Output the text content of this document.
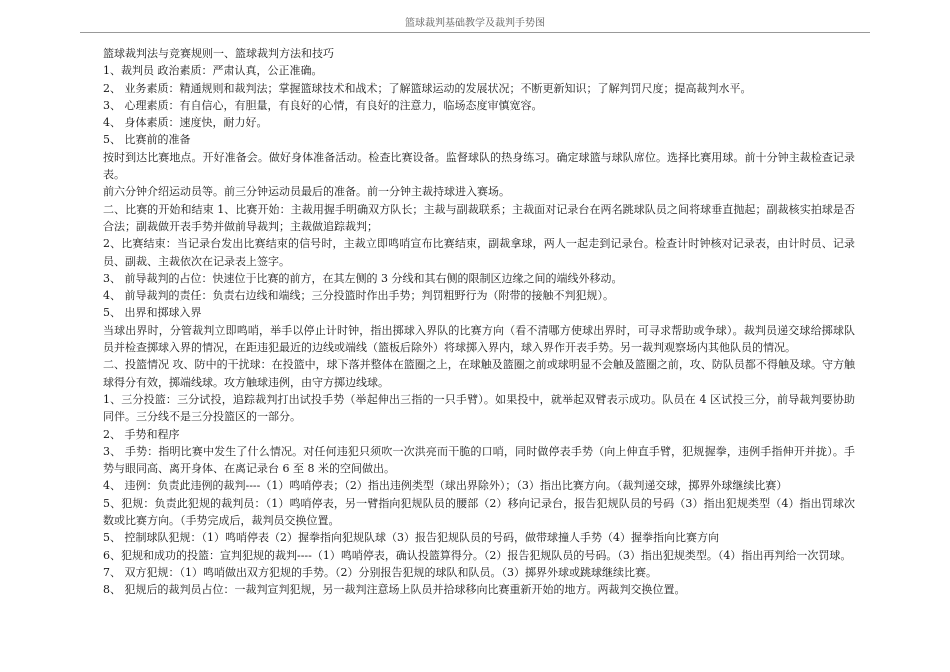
篮球裁判基础教学及裁判手势图

篮球裁判法与竞赛规则一、篮球裁判方法和技巧

1、裁判员 政治素质：严肃认真，公正准确。

2、 业务素质：精通规则和裁判法；掌握篮球技术和战术；了解篮球运动的发展状况；不断更新知识；了解判罚尺度；提高裁判水平。

3、 心理素质：有自信心，有胆量，有良好的心情，有良好的注意力，临场态度审慎宽容。

4、 身体素质：速度快，耐力好。

5、 比赛前的准备

按时到达比赛地点。开好准备会。做好身体准备活动。检查比赛设备。监督球队的热身练习。确定球篮与球队席位。选择比赛用球。前十分钟主裁检查记录表。

前六分钟介绍运动员等。前三分钟运动员最后的准备。前一分钟主裁持球进入赛场。

二、比赛的开始和结束 1、比赛开始：主裁用握手明确双方队长；主裁与副裁联系；主裁面对记录台在两名跳球队员之间将球垂直抛起；副裁核实拍球是否合法；副裁做开表手势并做前导裁判；主裁做追踪裁判；

2、比赛结束：当记录台发出比赛结束的信号时，主裁立即鸣哨宣布比赛结束，副裁拿球，两人一起走到记录台。检查计时钟核对记录表，由计时员、记录员、副裁、主裁依次在记录表上签字。

3、 前导裁判的占位：快速位于比赛的前方，在其左侧的 3 分线和其右侧的限制区边缘之间的端线外移动。

4、 前导裁判的责任：负责右边线和端线；三分投篮时作出手势；判罚粗野行为（附带的接触不判犯规）。

5、 出界和掷球入界

当球出界时，分管裁判立即鸣哨，举手以停止计时钟，指出掷球入界队的比赛方向（看不清哪方使球出界时，可寻求帮助或争球）。裁判员递交球给掷球队员并检查掷球入界的情况，在距违犯最近的边线或端线（篮板后除外）将球掷入界内，球入界作开表手势。另一裁判观察场内其他队员的情况。

二、投篮情况 攻、防中的干扰球：在投篮中，球下落并整体在篮圈之上，在球触及篮圈之前或球明显不会触及篮圈之前，攻、防队员都不得触及球。守方触球得分有效，掷端线球。攻方触球违例，由守方掷边线球。

1、三分投篮：三分试投，追踪裁判打出试投手势（举起伸出三指的一只手臂）。如果投中，就举起双臂表示成功。队员在 4 区试投三分，前导裁判要协助同伴。三分线不是三分投篮区的一部分。

2、 手势和程序

3、 手势：指明比赛中发生了什么情况。对任何违犯只须吹一次洪亮而干脆的口哨，同时做停表手势（向上伸直手臂，犯规握拳，违例手指伸开并拢）。手势与眼同高、离开身体、在离记录台 6 至 8 米的空间做出。

4、 违例：负责此违例的裁判----（1）鸣哨停表；（2）指出违例类型（球出界除外）；（3）指出比赛方向。（裁判递交球，掷界外球继续比赛）

5、犯规：负责此犯规的裁判员：（1）鸣哨停表，另一臂指向犯规队员的腰部（2）移向记录台，报告犯规队员的号码（3）指出犯规类型（4）指出罚球次数或比赛方向。（手势完成后，裁判员交换位置。

5、 控制球队犯规：（1）鸣哨停表（2）握拳指向犯规队球（3）报告犯规队员的号码，做带球撞人手势（4）握拳指向比赛方向

6、犯规和成功的投篮：宣判犯规的裁判----（1）鸣哨停表，确认投篮算得分。（2）报告犯规队员的号码。（3）指出犯规类型。（4）指出再判给一次罚球。

7、 双方犯规：（1）鸣哨做出双方犯规的手势。（2）分别报告犯规的球队和队员。（3）掷界外球或跳球继续比赛。

8、 犯规后的裁判员占位：一裁判宣判犯规，另一裁判注意场上队员并拾球移向比赛重新开始的地方。两裁判交换位置。
